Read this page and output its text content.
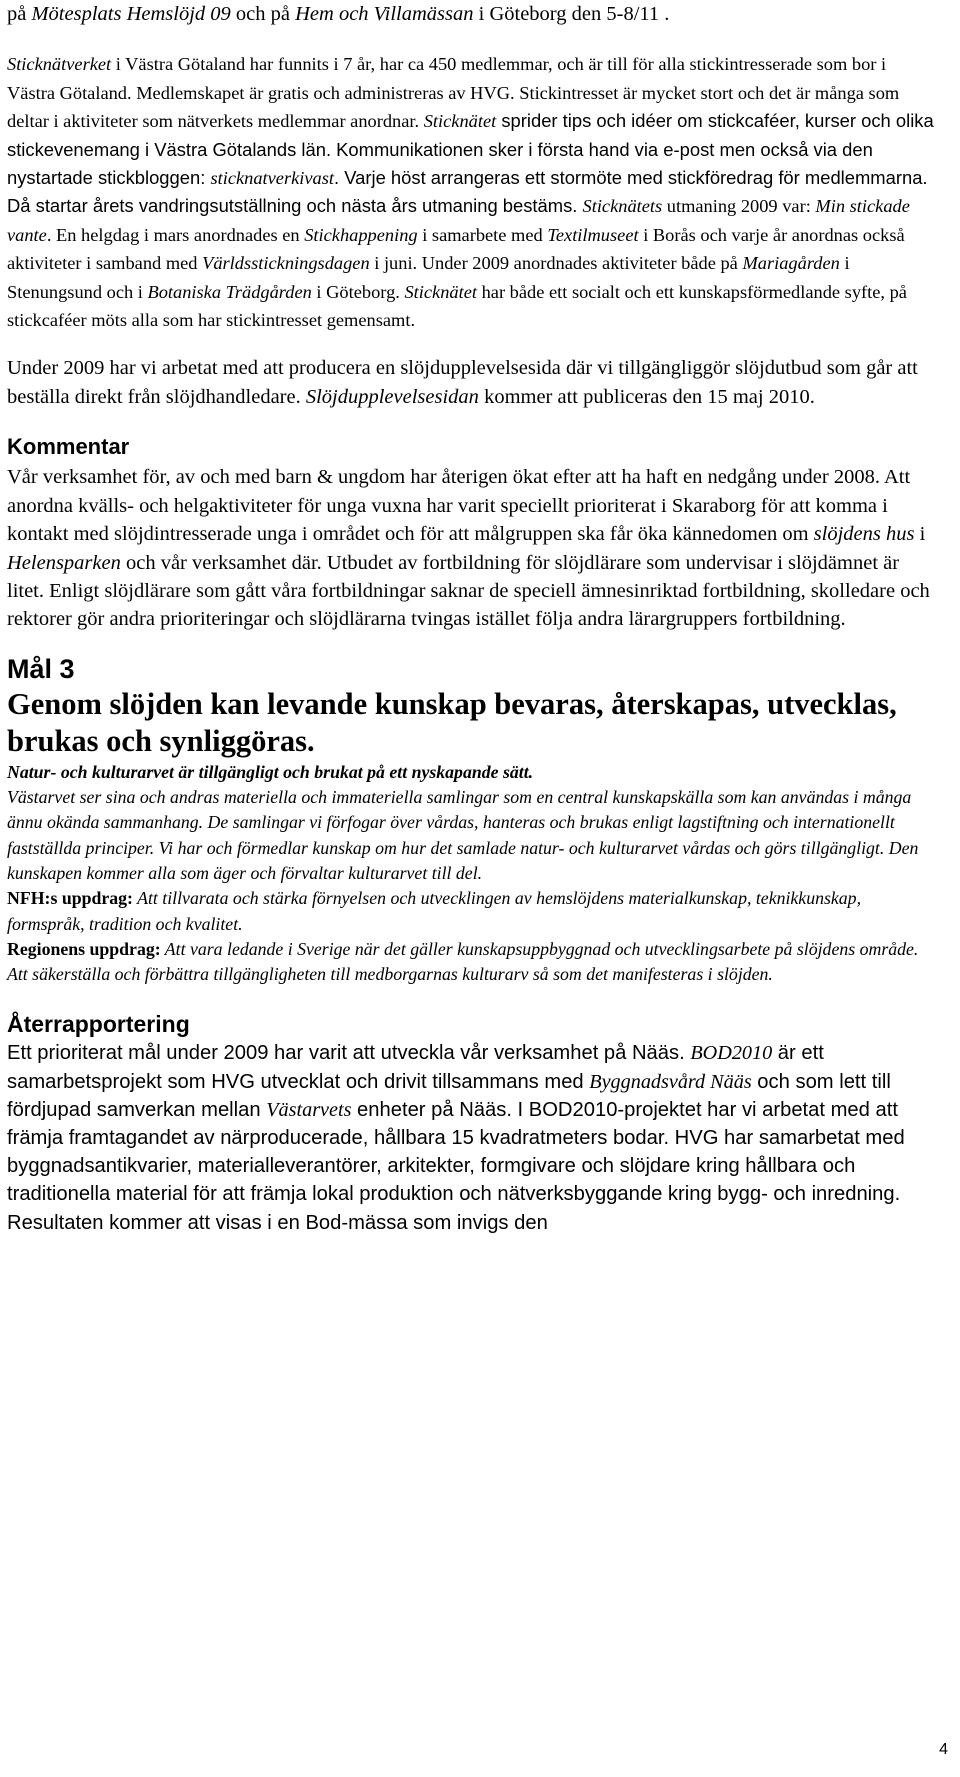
på Mötesplats Hemslöjd 09 och på Hem och Villamässan i Göteborg den 5-8/11 .

Sticknätverket i Västra Götaland har funnits i 7 år, har ca 450 medlemmar, och är till för alla stickintresserade som bor i Västra Götaland. Medlemskapet är gratis och administreras av HVG. Stickintresset är mycket stort och det är många som deltar i aktiviteter som nätverkets medlemmar anordnar. Sticknätet sprider tips och idéer om stickcaféer, kurser och olika stickevenemang i Västra Götalands län. Kommunikationen sker i första hand via e-post men också via den nystartade stickbloggen: sticknatverkivast. Varje höst arrangeras ett stormöte med stickföredrag för medlemmarna. Då startar årets vandringsutställning och nästa års utmaning bestäms. Sticknätets utmaning 2009 var: Min stickade vante. En helgdag i mars anordnades en Stickhappening i samarbete med Textilmuseet i Borås och varje år anordnas också aktiviteter i samband med Världsstickningsdagen i juni. Under 2009 anordnades aktiviteter både på Mariagården i Stenungsund och i Botaniska Trädgården i Göteborg. Sticknätet har både ett socialt och ett kunskapsförmedlande syfte, på stickcaféer möts alla som har stickintresset gemensamt.

Under 2009 har vi arbetat med att producera en slöjdupplevelsesida där vi tillgängliggör slöjdutbud som går att beställa direkt från slöjdhandledare. Slöjdupplevelsesidan kommer att publiceras den 15 maj 2010.

Kommentar

Vår verksamhet för, av och med barn & ungdom har återigen ökat efter att ha haft en nedgång under 2008. Att anordna kvälls- och helgaktiviteter för unga vuxna har varit speciellt prioriterat i Skaraborg för att komma i kontakt med slöjdintresserade unga i området och för att målgruppen ska får öka kännedomen om slöjdens hus i Helensparken och vår verksamhet där. Utbudet av fortbildning för slöjdlärare som undervisar i slöjdämnet är litet. Enligt slöjdlärare som gått våra fortbildningar saknar de speciell ämnesinriktad fortbildning, skolledare och rektorer gör andra prioriteringar och slöjdlärarna tvingas istället följa andra lärargruppers fortbildning.

Mål 3
Genom slöjden kan levande kunskap bevaras, återskapas, utvecklas, brukas och synliggöras.

Natur- och kulturarvet är tillgängligt och brukat på ett nyskapande sätt.
Västarvet ser sina och andras materiella och immateriella samlingar som en central kunskapskälla som kan användas i många ännu okända sammanhang. De samlingar vi förfogar över vårdas, hanteras och brukas enligt lagstiftning och internationellt fastställda principer. Vi har och förmedlar kunskap om hur det samlade natur- och kulturarvet vårdas och görs tillgängligt. Den kunskapen kommer alla som äger och förvaltar kulturarvet till del.
NFH:s uppdrag: Att tillvarata och stärka förnyelsen och utvecklingen av hemslöjdens materialkunskap, teknikkunskap, formspråk, tradition och kvalitet.
Regionens uppdrag: Att vara ledande i Sverige när det gäller kunskapsuppbyggnad och utvecklingsarbete på slöjdens område. Att säkerställa och förbättra tillgängligheten till medborgarnas kulturarv så som det manifesteras i slöjden.

Återrapportering

Ett prioriterat mål under 2009 har varit att utveckla vår verksamhet på Nääs. BOD2010 är ett samarbetsprojekt som HVG utvecklat och drivit tillsammans med Byggnadsvård Nääs och som lett till fördjupad samverkan mellan Västarvets enheter på Nääs. I BOD2010-projektet har vi arbetat med att främja framtagandet av närproducerade, hållbara 15 kvadratmeters bodar. HVG har samarbetat med byggnadsantikvarier, materialleverantörer, arkitekter, formgivare och slöjdare kring hållbara och traditionella material för att främja lokal produktion och nätverksbyggande kring bygg- och inredning. Resultaten kommer att visas i en Bod-mässa som invigs den

4
